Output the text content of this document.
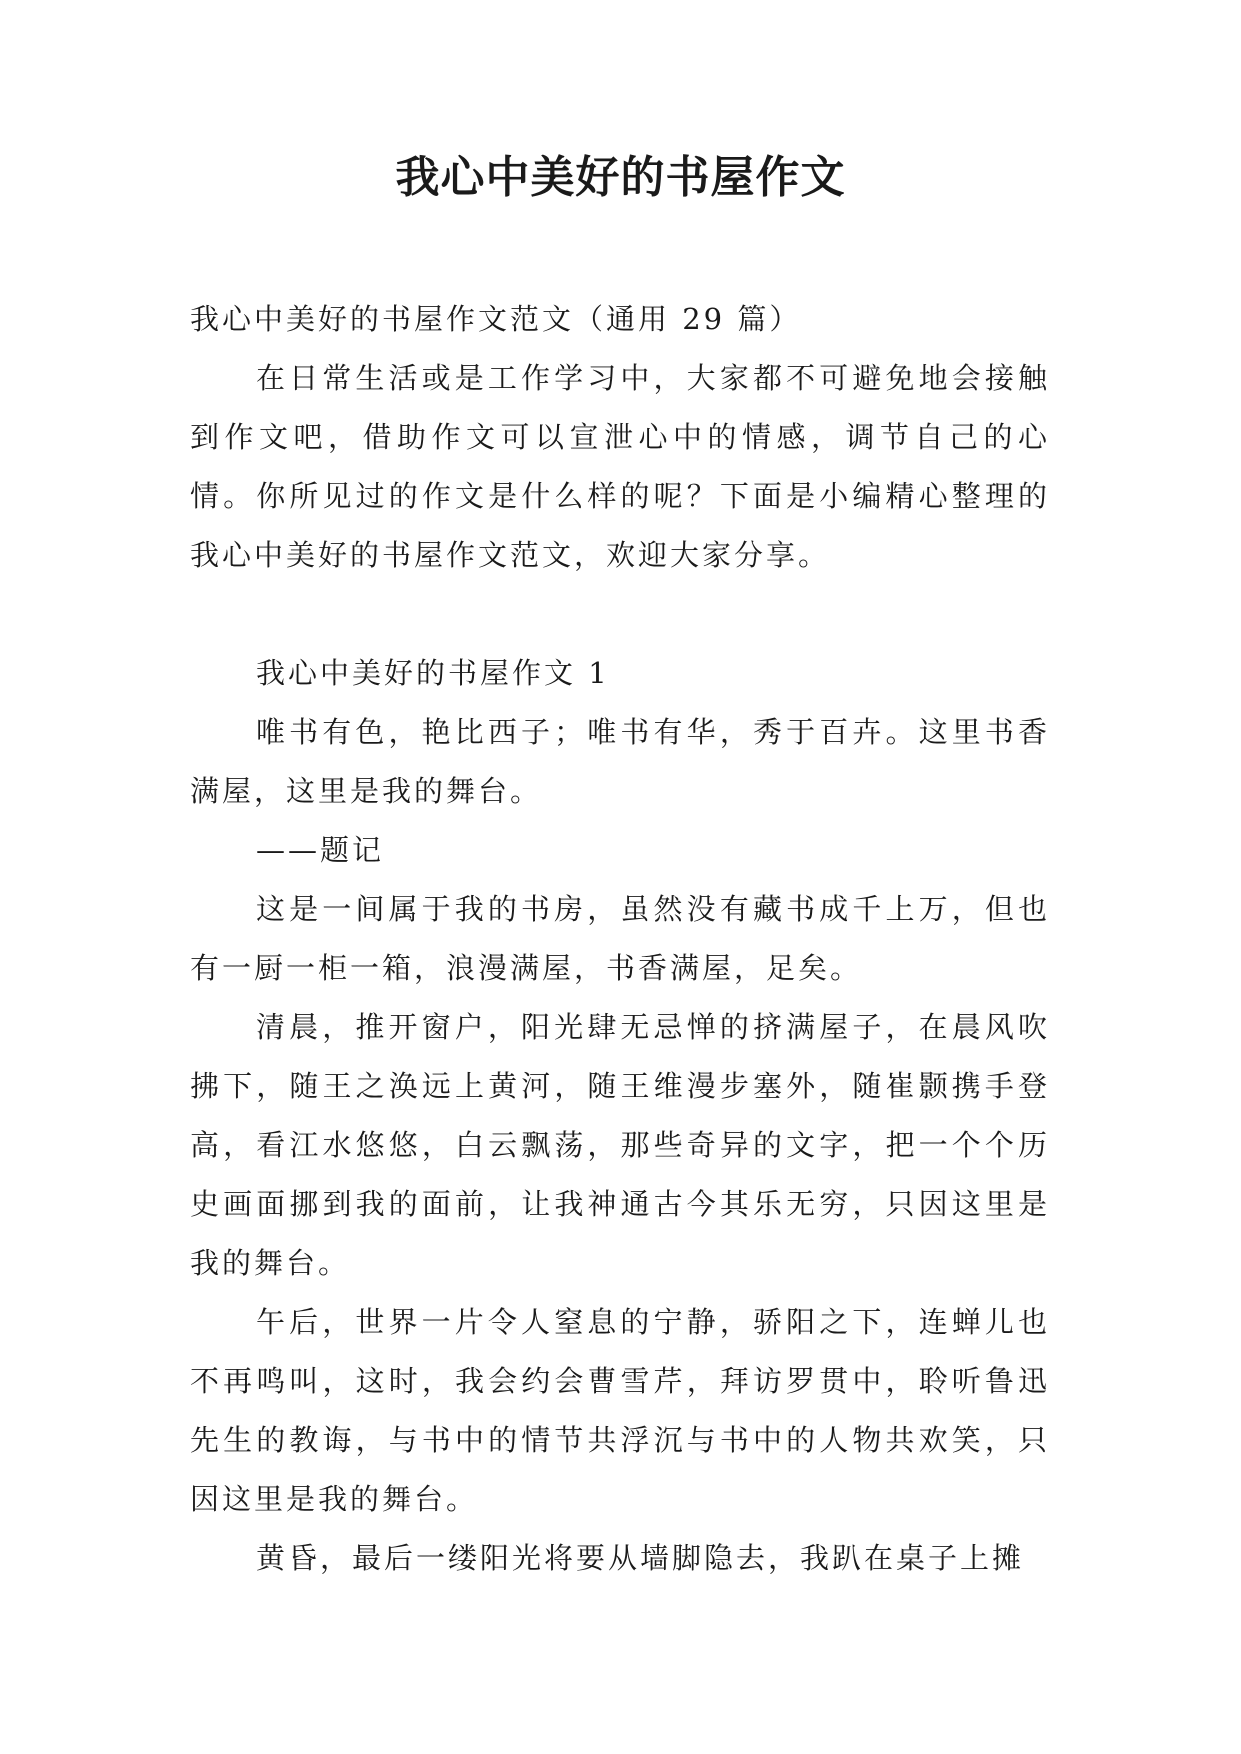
我心中美好的书屋作文

我心中美好的书屋作文范文（通用 29 篇）

在日常生活或是工作学习中，大家都不可避免地会接触到作文吧，借助作文可以宣泄心中的情感，调节自己的心情。你所见过的作文是什么样的呢？下面是小编精心整理的我心中美好的书屋作文范文，欢迎大家分享。

我心中美好的书屋作文 1

唯书有色，艳比西子；唯书有华，秀于百卉。这里书香满屋，这里是我的舞台。

——题记

这是一间属于我的书房，虽然没有藏书成千上万，但也有一厨一柜一箱，浪漫满屋，书香满屋，足矣。

清晨，推开窗户，阳光肆无忌惮的挤满屋子，在晨风吹拂下，随王之涣远上黄河，随王维漫步塞外，随崔颢携手登高，看江水悠悠，白云飘荡，那些奇异的文字，把一个个历史画面挪到我的面前，让我神通古今其乐无穷，只因这里是我的舞台。

午后，世界一片令人窒息的宁静，骄阳之下，连蝉儿也不再鸣叫，这时，我会约会曹雪芹，拜访罗贯中，聆听鲁迅先生的教诲，与书中的情节共浮沉与书中的人物共欢笑，只因这里是我的舞台。

黄昏，最后一缕阳光将要从墙脚隐去，我趴在桌子上摊
